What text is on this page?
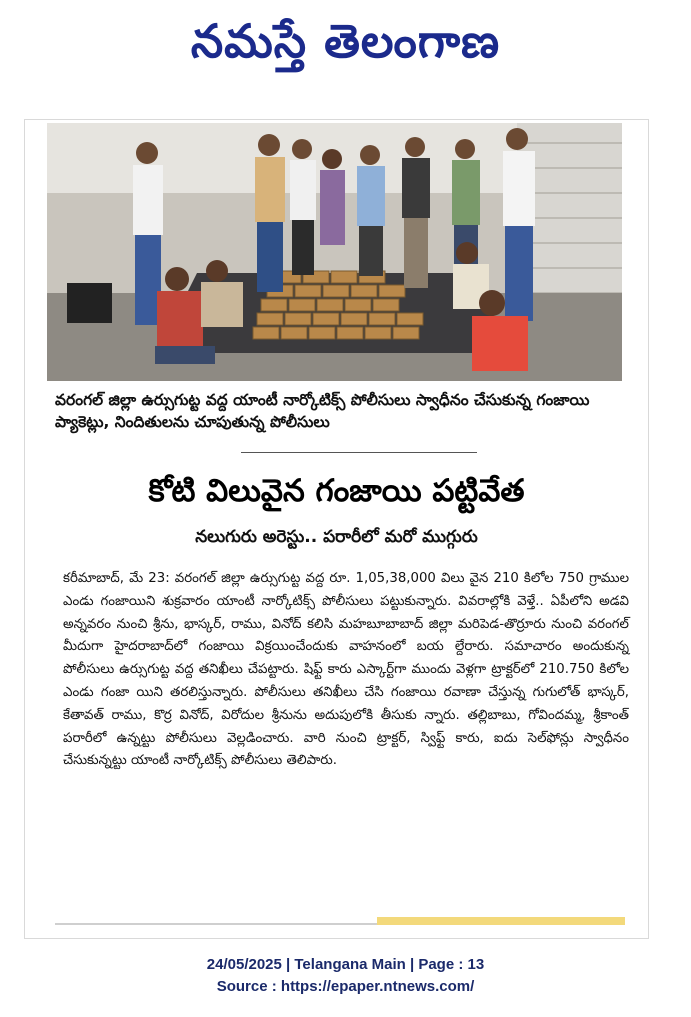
నమస్తే తెలంగాణ
వరంగల్ జిల్లా ఉర్సుగుట్ట వద్ద యాంటీ నార్కోటిక్స్ పోలీసులు స్వాధీనం చేసుకున్న గంజాయి ప్యాకెట్లు, నిందితులను చూపుతున్న పోలీసులు
కోటి విలువైన గంజాయి పట్టివేత
నలుగురు అరెస్టు.. పరారీలో మరో ముగ్గురు
కరీమాబాద్, మే 23: వరంగల్ జిల్లా ఉర్సుగుట్ట వద్ద రూ. 1,05,38,000 విలు వైన 210 కిలోల 750 గ్రాముల ఎండు గంజాయిని శుక్రవారం యాంటీ నార్కోటిక్స్ పోలీసులు పట్టుకున్నారు. వివరాల్లోకి వెళ్తే.. ఏపీలోని అడవి అన్నవరం నుంచి శ్రీను, భాస్కర్, రాము, వినోద్ కలిసి మహబూబాబాద్ జిల్లా మరిపెడ-తొర్రూరు నుంచి వరంగల్ మీదుగా హైదరాబాద్‌లో గంజాయి విక్రయించేందుకు వాహనంలో బయ ల్దేరారు. సమాచారం అందుకున్న పోలీసులు ఉర్సుగుట్ట వద్ద తనిఖీలు చేపట్టారు. షిఫ్ట్ కారు ఎస్కార్ట్‌గా ముందు వెళ్లగా ట్రాక్టర్‌లో 210.750 కిలోల ఎండు గంజా యిని తరలిస్తున్నారు. పోలీసులు తనిఖీలు చేసి గంజాయి రవాణా చేస్తున్న గుగులోత్ భాస్కర్, కేతావత్ రాము, కొర్ర వినోద్, విరోదుల శ్రీనును అదుపులోకి తీసుకు న్నారు. తల్లిబాబు, గోవిందమ్మ, శ్రీకాంత్ పరారీలో ఉన్నట్టు పోలీసులు వెల్లడించారు. వారి నుంచి ట్రాక్టర్, స్విఫ్ట్ కారు, ఐదు సెల్‌ఫోన్లు స్వాధీనం చేసుకున్నట్టు యాంటీ నార్కోటిక్స్ పోలీసులు తెలిపారు.
24/05/2025 | Telangana Main | Page : 13
Source : https://epaper.ntnews.com/
